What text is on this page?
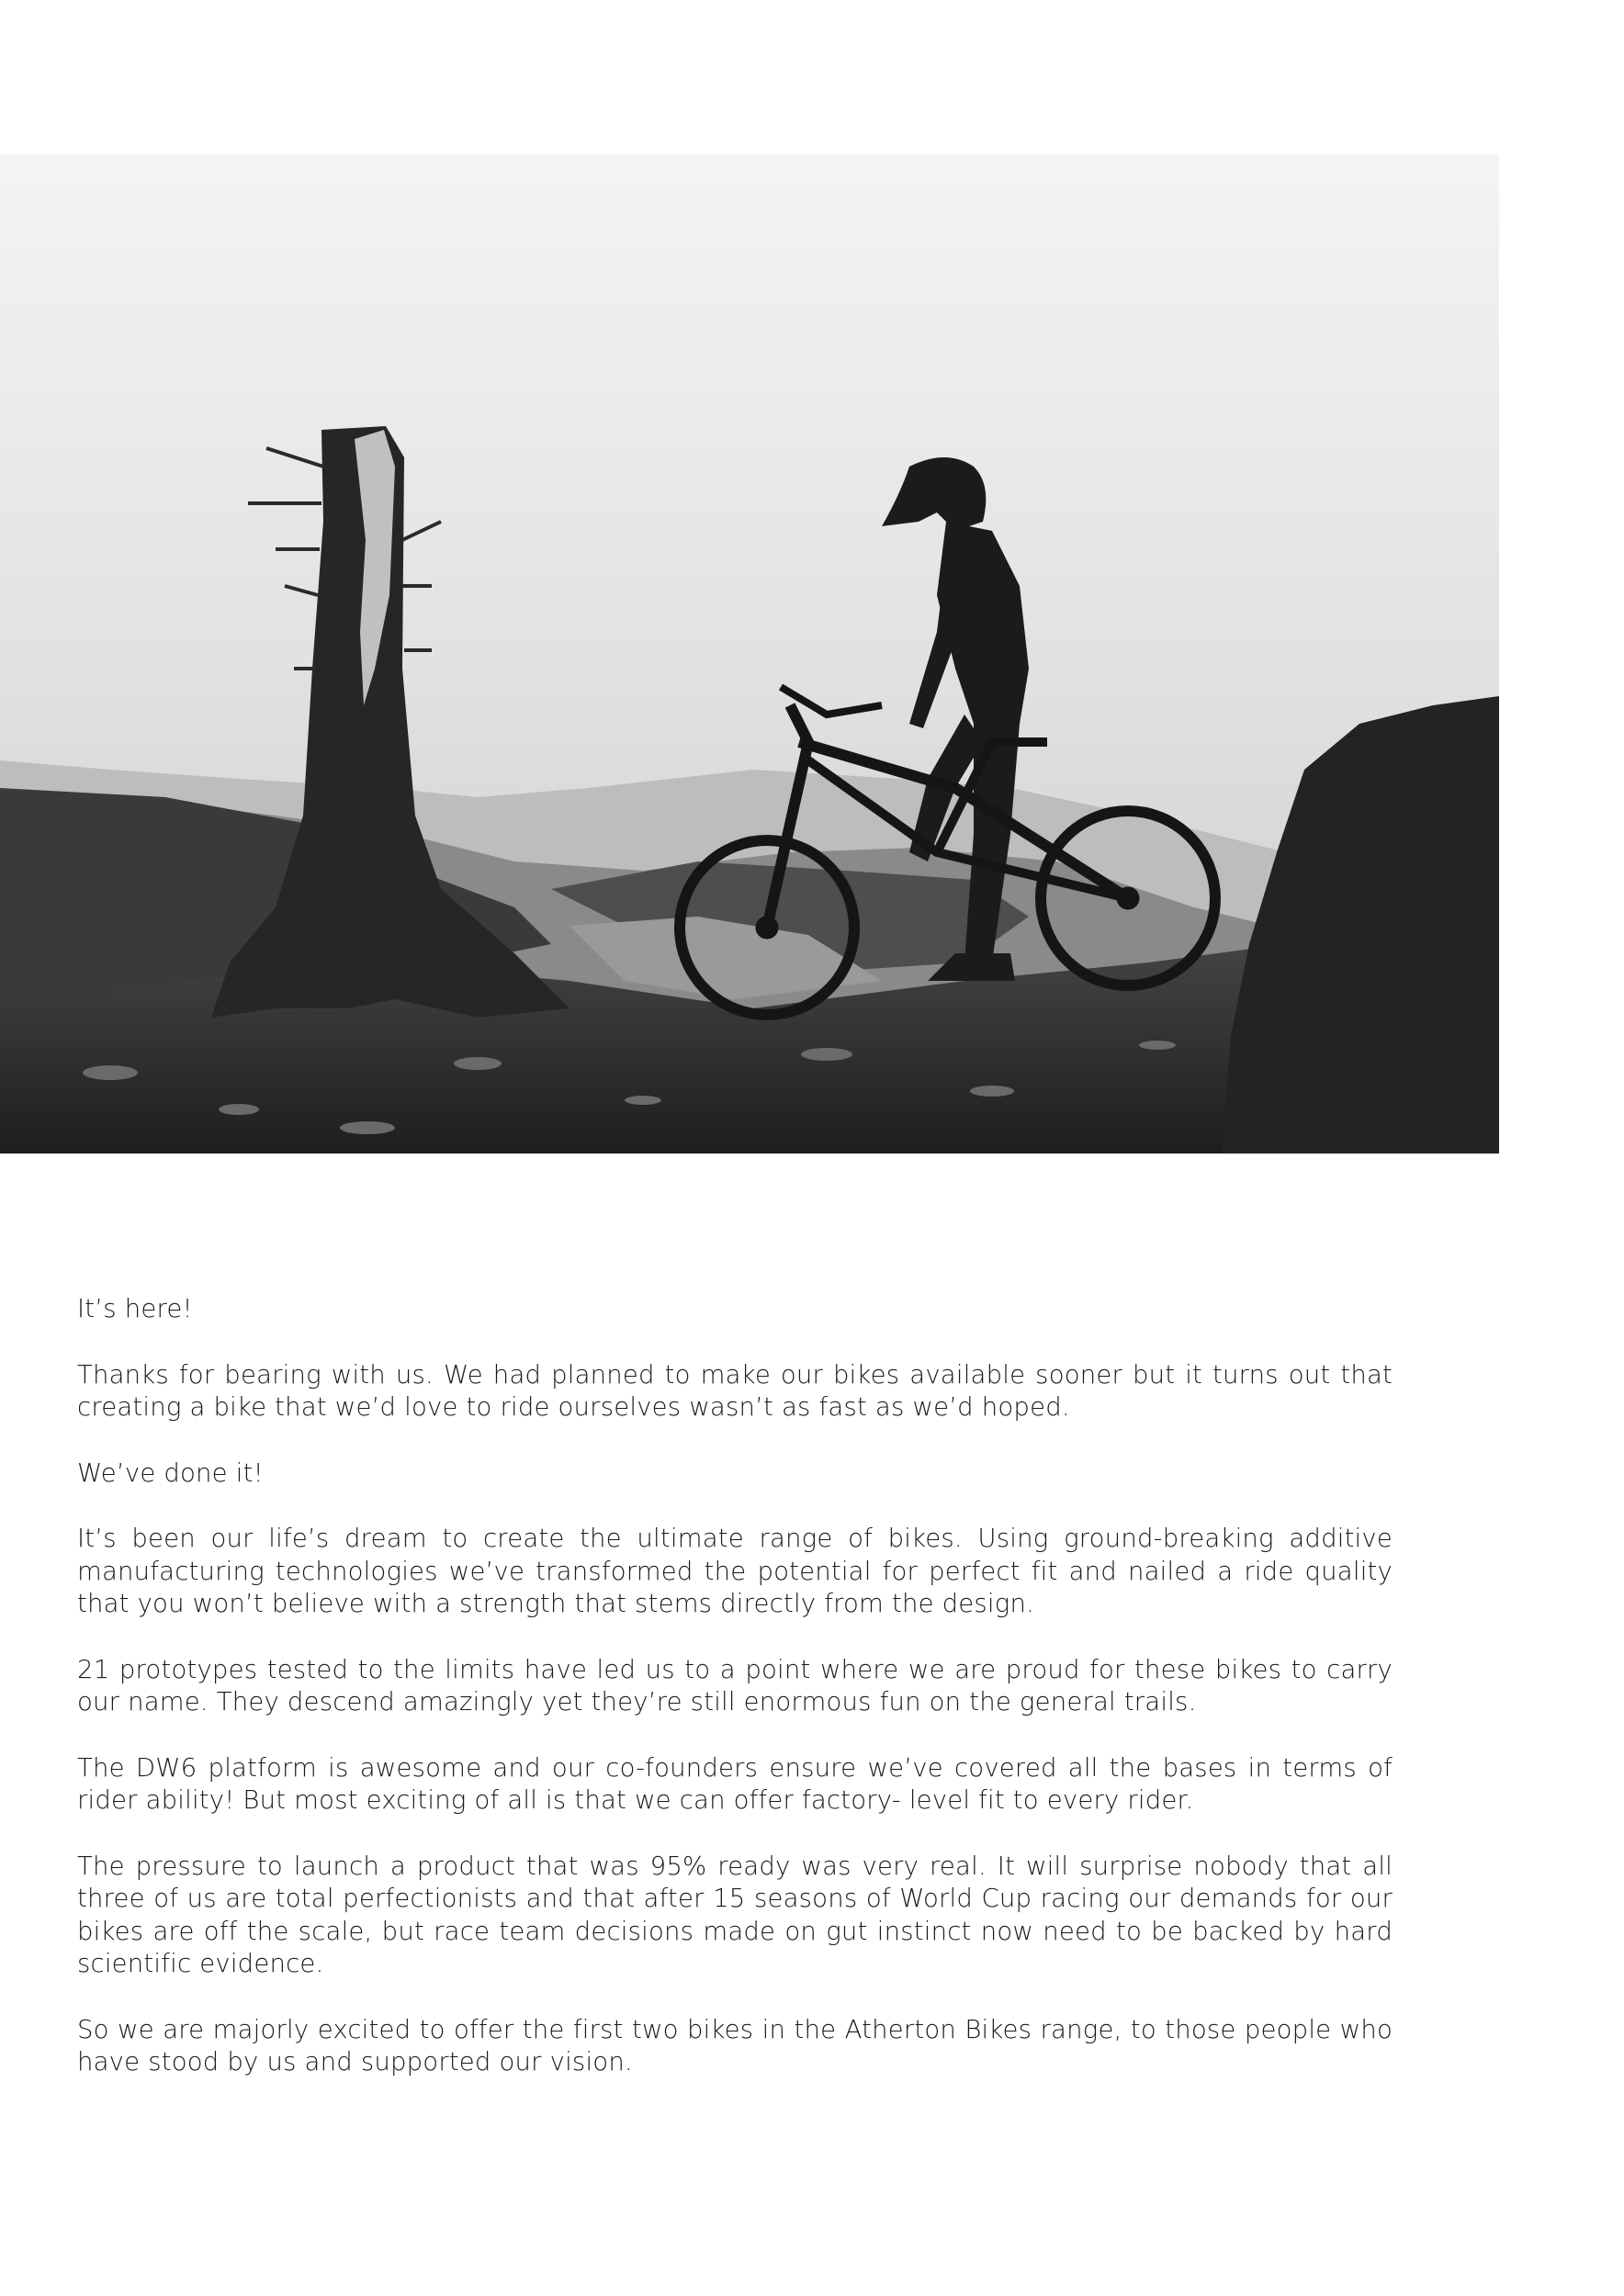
It’s here!

Thanks for bearing with us. We had planned to make our bikes available sooner but it turns out that creating a bike that we’d love to ride ourselves wasn’t as fast as we’d hoped.

We’ve done it!

It’s been our life’s dream to create the ultimate range of bikes. Using ground-breaking additive manufacturing technologies we’ve transformed the potential for perfect fit and nailed a ride quality that you won’t believe with a strength that stems directly from the design.

21 prototypes tested to the limits have led us to a point where we are proud for these bikes to carry our name. They descend amazingly yet they’re still enormous fun on the general trails.

The DW6 platform is awesome and our co-founders ensure we’ve covered all the bases in terms of rider ability! But most exciting of all is that we can offer factory- level fit to every rider.

The pressure to launch a product that was 95% ready was very real. It will surprise nobody that all three of us are total perfectionists and that after 15 seasons of World Cup racing our demands for our bikes are off the scale, but race team decisions made on gut instinct now need to be backed by hard scientific evidence.

So we are majorly excited to offer the first two bikes in the Atherton Bikes range, to those people who have stood by us and supported our vision.
